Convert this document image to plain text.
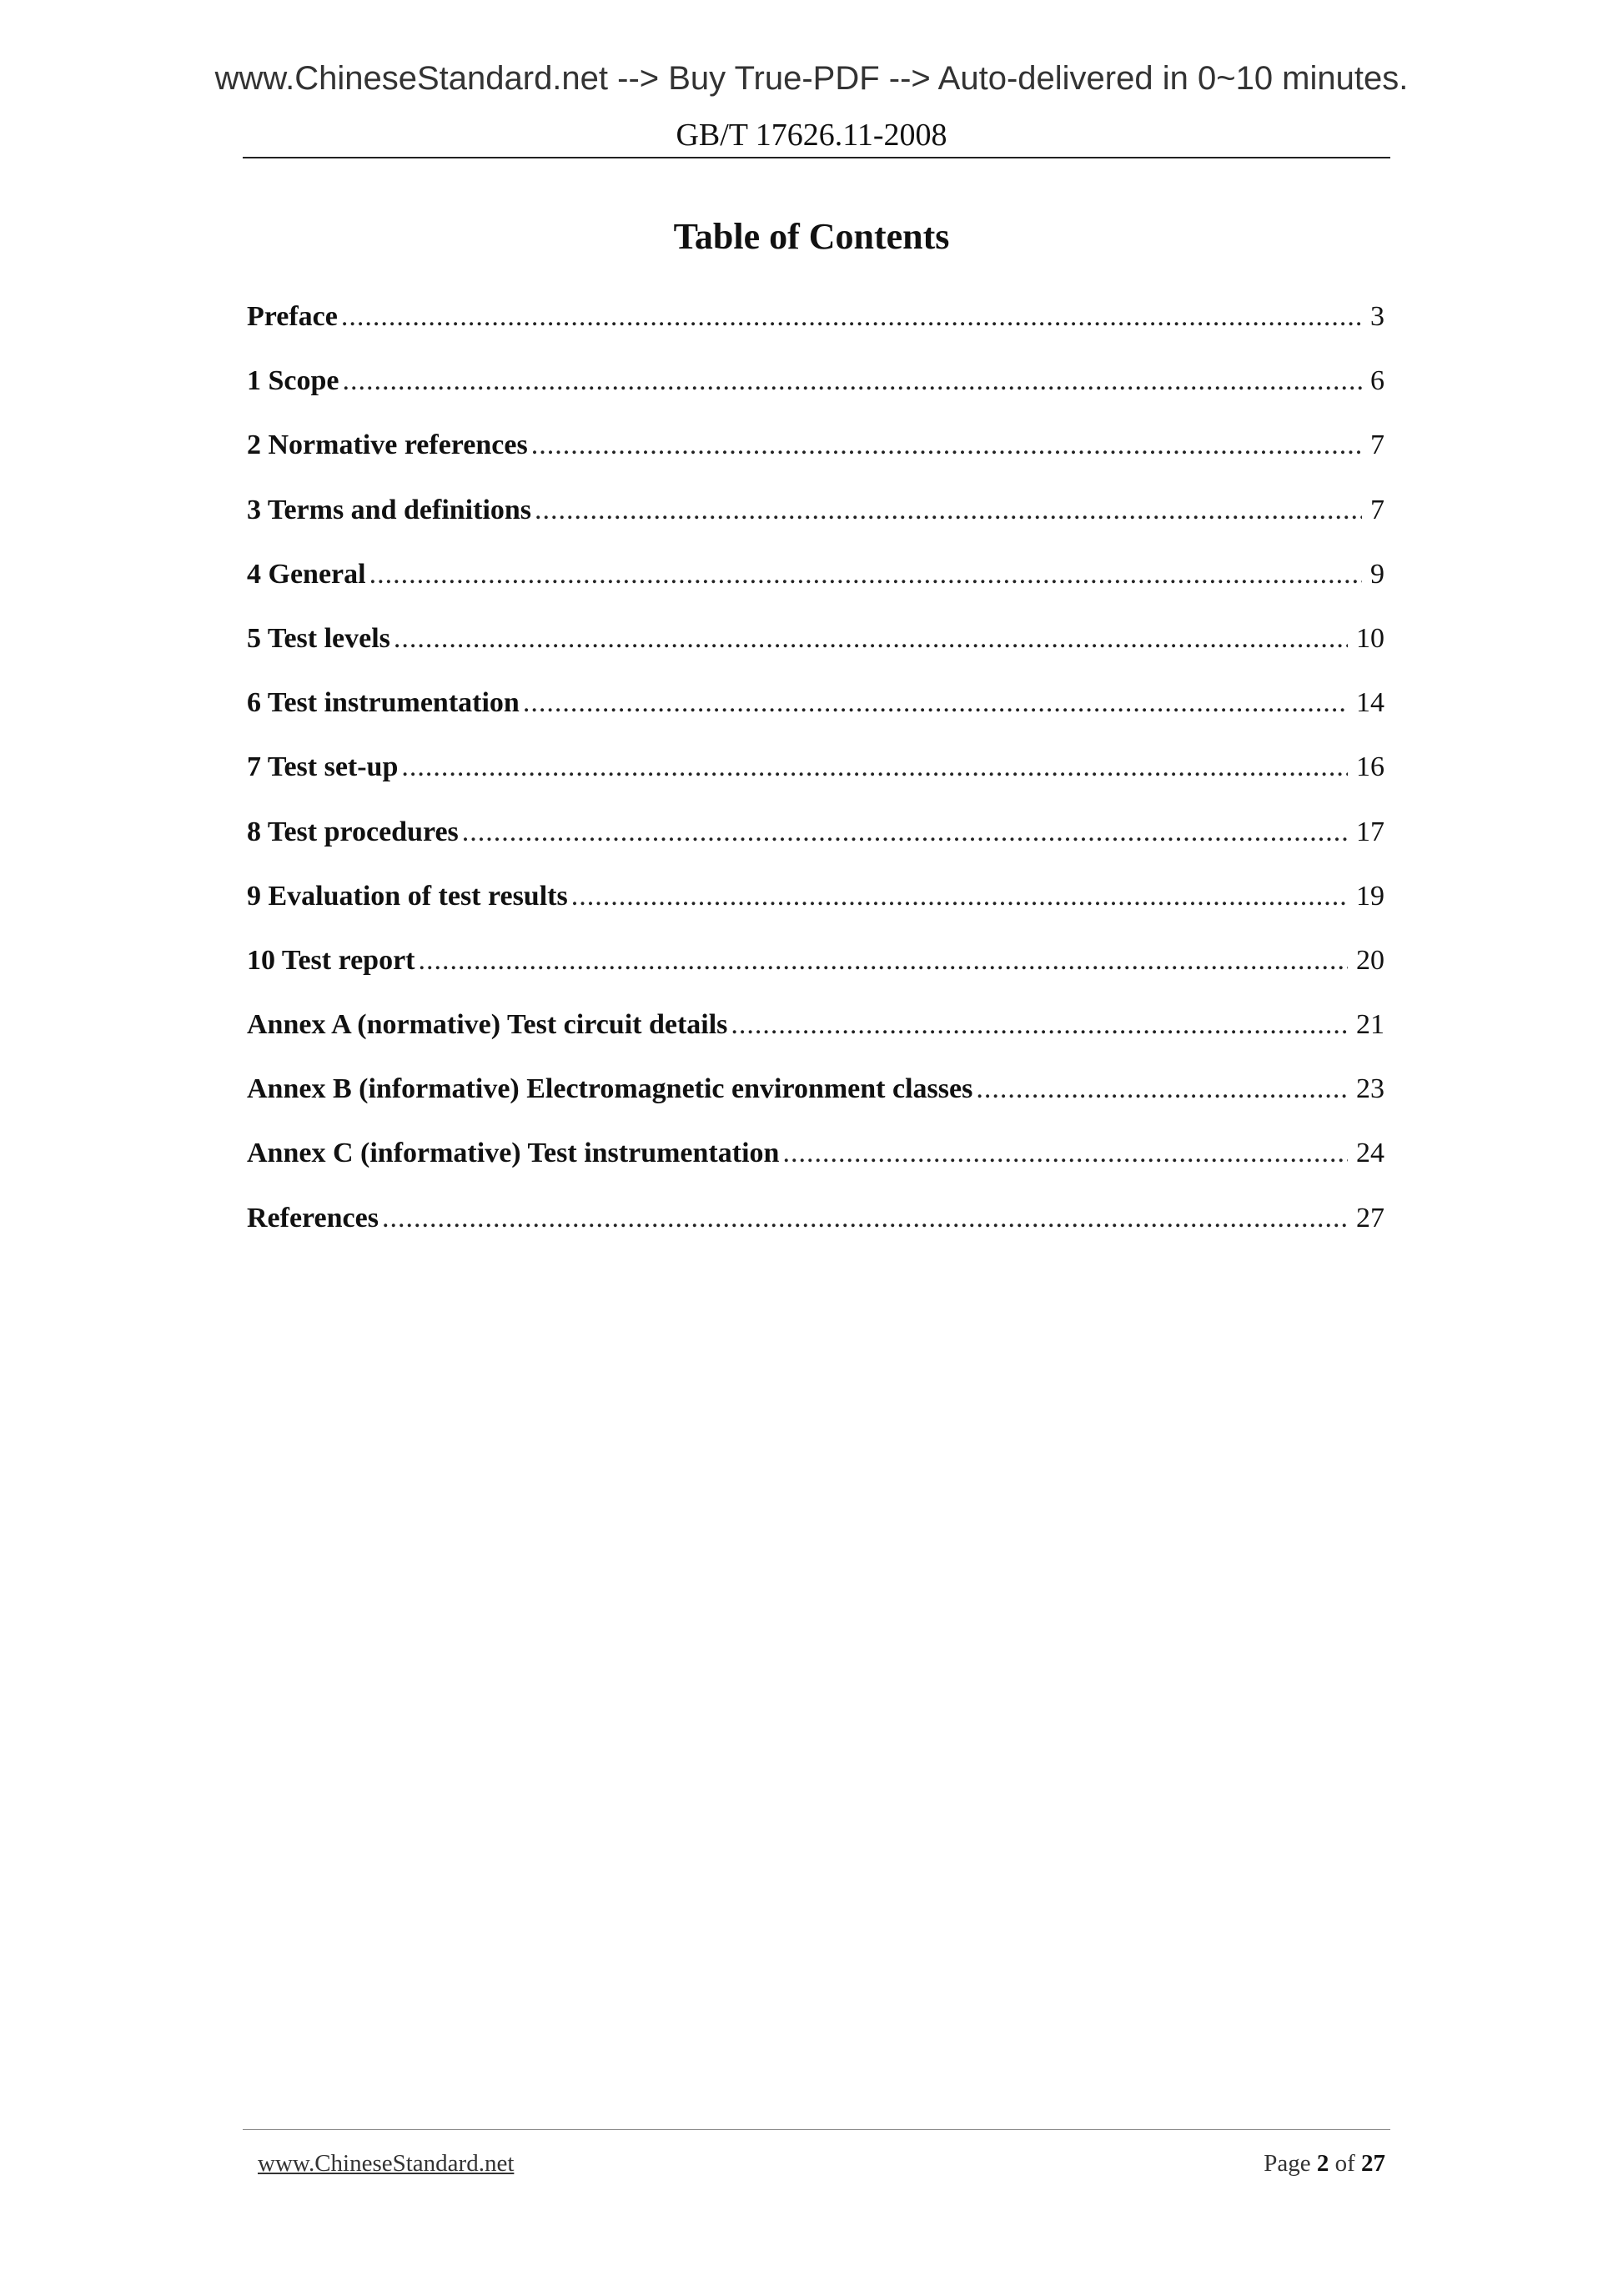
www.ChineseStandard.net --> Buy True-PDF --> Auto-delivered in 0~10 minutes.
GB/T 17626.11-2008
Table of Contents
Preface .....	3
1 Scope .....	6
2 Normative references .....	7
3 Terms and definitions .....	7
4 General .....	9
5 Test levels .....	10
6 Test instrumentation .....	14
7 Test set-up .....	16
8 Test procedures .....	17
9 Evaluation of test results .....	19
10 Test report .....	20
Annex A (normative) Test circuit details .....	21
Annex B (informative) Electromagnetic environment classes .....	23
Annex C (informative) Test instrumentation .....	24
References .....	27
www.ChineseStandard.net	Page 2 of 27
